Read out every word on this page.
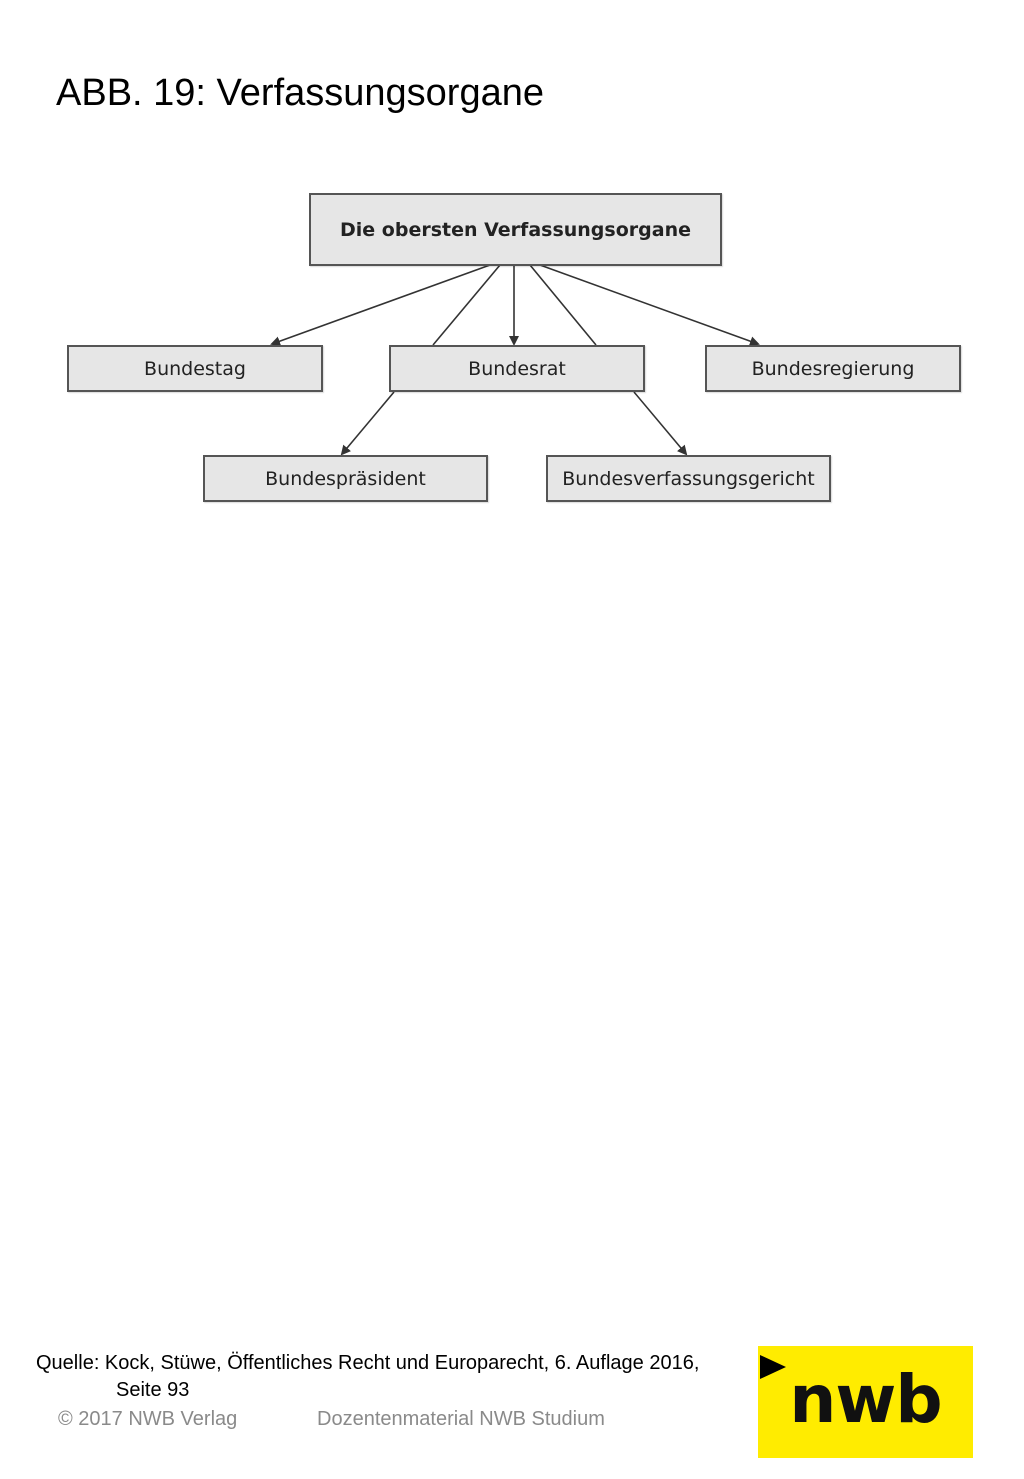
ABB. 19: Verfassungsorgane
Die obersten Verfassungsorgane
Bundestag	Bundesrat	Bundesregierung
Bundespräsident	Bundesverfassungsgericht
Quelle: Kock, Stüwe, Öffentliches Recht und Europarecht, 6. Auflage 2016,
Seite 93
© 2017 NWB Verlag	Dozentenmaterial NWB Studium	nwb
